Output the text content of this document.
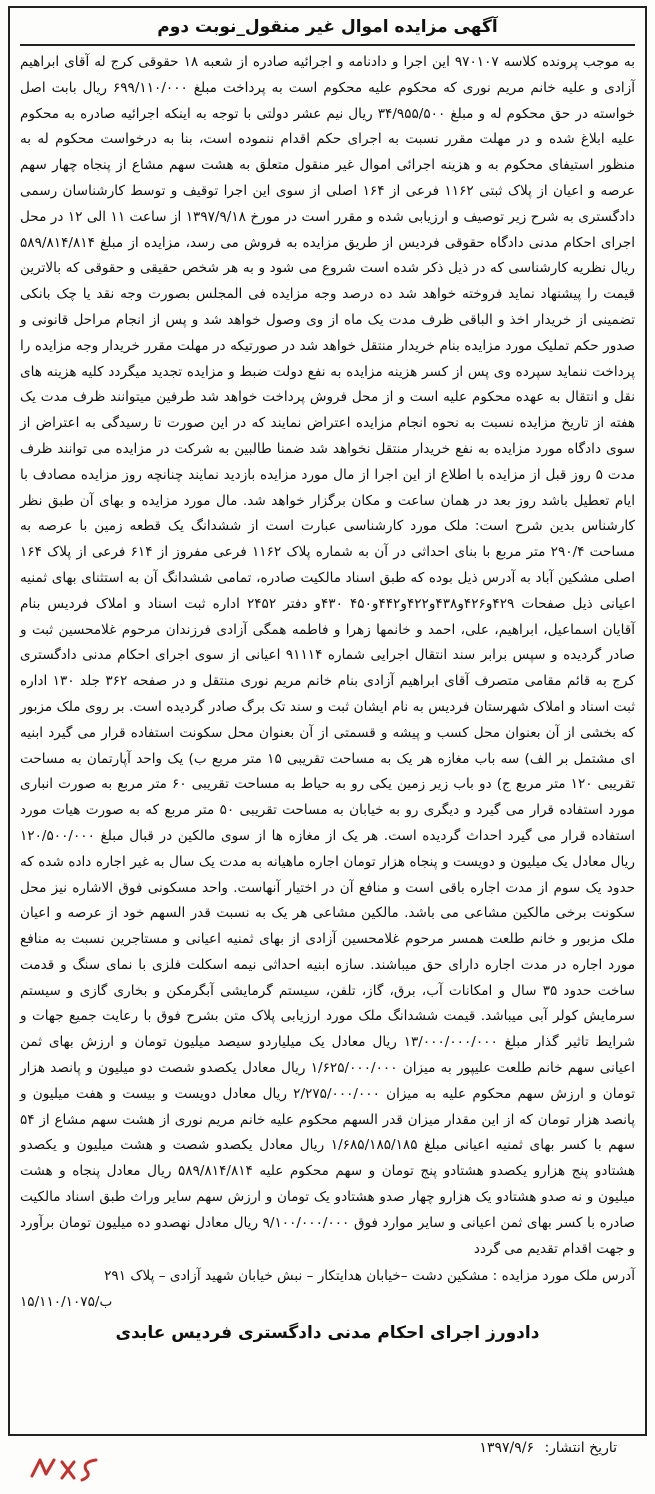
آگهی مزایده اموال غیر منقول_نوبت دوم

به موجب پرونده کلاسه ۹۷۰۱۰۷ این اجرا و دادنامه و اجرائیه صادره از شعبه ۱۸ حقوقی کرج له آقای ابراهیم آزادی و علیه خانم مریم نوری که محکوم علیه محکوم است به پرداخت مبلغ ۶۹۹/۱۱۰/۰۰۰ ریال بابت اصل خواسته در حق محکوم له و مبلغ ۳۴/۹۵۵/۵۰۰ ریال نیم عشر دولتی با توجه به اینکه اجرائیه صادره به محکوم علیه ابلاغ شده و در مهلت مقرر نسبت به اجرای حکم اقدام ننموده است، بنا به درخواست محکوم له به منظور استیفای محکوم به و هزینه اجرائی اموال غیر منقول متعلق به هشت سهم مشاع از پنجاه چهار سهم عرصه و اعیان از پلاک ثبتی ۱۱۶۲ فرعی از ۱۶۴ اصلی از سوی این اجرا توقیف و توسط کارشناسان رسمی دادگستری به شرح زیر توصیف و ارزیابی شده و مقرر است در مورخ ۱۳۹۷/۹/۱۸ از ساعت ۱۱ الی ۱۲ در محل اجرای احکام مدنی دادگاه حقوقی فردیس از طریق مزایده به فروش می رسد، مزایده از مبلغ ۵۸۹/۸۱۴/۸۱۴ ریال نظریه کارشناسی که در ذیل ذکر شده است شروع می شود و به هر شخص حقیقی و حقوقی که بالاترین قیمت را پیشنهاد نماید فروخته خواهد شد ده درصد وجه مزایده فی المجلس بصورت وجه نقد یا چک بانکی تضمینی از خریدار اخذ و الباقی ظرف مدت یک ماه از وی وصول خواهد شد و پس از انجام مراحل قانونی و صدور حکم تملیک مورد مزایده بنام خریدار منتقل خواهد شد در صورتیکه در مهلت مقرر خریدار وجه مزایده را پرداخت ننماید سپرده وی پس از کسر هزینه مزایده به نفع دولت ضبط و مزایده تجدید میگردد کلیه هزینه های نقل و انتقال به عهده محکوم علیه است و از محل فروش پرداخت خواهد شد طرفین میتوانند ظرف مدت یک هفته از تاریخ مزایده نسبت به نحوه انجام مزایده اعتراض نمایند که در این صورت تا رسیدگی به اعتراض از سوی دادگاه مورد مزایده به نفع خریدار منتقل نخواهد شد ضمنا طالبین به شرکت در مزایده می توانند ظرف مدت ۵ روز قبل از مزایده با اطلاع از این اجرا از مال مورد مزایده بازدید نمایند چنانچه روز مزایده مصادف با ایام تعطیل باشد روز بعد در همان ساعت و مکان برگزار خواهد شد. مال مورد مزایده و بهای آن طبق نظر کارشناس بدین شرح است: ملک مورد کارشناسی عبارت است از ششدانگ یک قطعه زمین با عرصه به مساحت ۲۹۰/۴ متر مربع با بنای احداثی در آن به شماره پلاک ۱۱۶۲ فرعی مفروز از ۶۱۴ فرعی از پلاک ۱۶۴ اصلی مشکین آباد به آدرس ذیل بوده که طبق اسناد مالکیت صادره، تمامی ششدانگ آن به استثنای بهای ثمنیه اعیانی ذیل صفحات ۴۲۹و۴۲۶و۴۳۸و۴۲۲و۴۴۲و۴۵۰ ۴۳۰و دفتر ۲۴۵۲ اداره ثبت اسناد و املاک فردیس بنام آقایان اسماعیل، ابراهیم، علی، احمد و خانمها زهرا و فاطمه همگی آزادی فرزندان مرحوم غلامحسین ثبت و صادر گردیده و سپس برابر سند انتقال اجرایی شماره ۹۱۱۱۴ اعیانی از سوی اجرای احکام مدنی دادگستری کرج به قائم مقامی متصرف آقای ابراهیم آزادی بنام خانم مریم نوری منتقل و در صفحه ۳۶۲ جلد ۱۳۰ اداره ثبت اسناد و املاک شهرستان فردیس به نام ایشان ثبت و سند تک برگ صادر گردیده است. بر روی ملک مزبور که بخشی از آن بعنوان محل کسب و پیشه و قسمتی از آن بعنوان محل سکونت استفاده قرار می گیرد ابنیه ای مشتمل بر الف) سه باب مغازه هر یک به مساحت تقریبی ۱۵ متر مربع ب) یک واحد آپارتمان به مساحت تقریبی ۱۲۰ متر مربع ج) دو باب زیر زمین یکی رو به حیاط به مساحت تقریبی ۶۰ متر مربع به صورت انباری مورد استفاده قرار می گیرد و دیگری رو به خیابان به مساحت تقریبی ۵۰ متر مربع که به صورت هیات مورد استفاده قرار می گیرد احداث گردیده است. هر یک از مغازه ها از سوی مالکین در قبال مبلغ ۱۲۰/۵۰۰/۰۰۰ ریال معادل یک میلیون و دویست و پنجاه هزار تومان اجاره ماهیانه به مدت یک سال به غیر اجاره داده شده که حدود یک سوم از مدت اجاره باقی است و منافع آن در اختیار آنهاست. واحد مسکونی فوق الاشاره نیز محل سکونت برخی مالکین مشاعی می باشد. مالکین مشاعی هر یک به نسبت قدر السهم خود از عرصه و اعیان ملک مزبور و خانم طلعت همسر مرحوم غلامحسین آزادی از بهای ثمنیه اعیانی و مستاجرین نسبت به منافع مورد اجاره در مدت اجاره دارای حق میباشند. سازه ابنیه احداثی نیمه اسکلت فلزی با نمای سنگ و قدمت ساخت حدود ۳۵ سال و امکانات آب، برق، گاز، تلفن، سیستم گرمایشی آبگرمکن و بخاری گازی و سیستم سرمایش کولر آبی میباشد. قیمت ششدانگ ملک مورد ارزیابی پلاک متن بشرح فوق با رعایت جمیع جهات و شرایط تاثیر گذار مبلغ ۱۳/۰۰۰/۰۰۰/۰۰۰ ریال معادل یک میلیاردو سیصد میلیون تومان و ارزش بهای ثمن اعیانی سهم خانم طلعت علیپور به میزان ۱/۶۲۵/۰۰۰/۰۰۰ ریال معادل یکصدو شصت دو میلیون و پانصد هزار تومان و ارزش سهم محکوم علیه به میزان ۲/۲۷۵/۰۰۰/۰۰۰ ریال معادل دویست و بیست و هفت میلیون و پانصد هزار تومان که از این مقدار میزان قدر السهم محکوم علیه خانم مریم نوری از هشت سهم مشاع از ۵۴ سهم با کسر بهای ثمنیه اعیانی مبلغ ۱/۶۸۵/۱۸۵/۱۸۵ ریال معادل یکصدو شصت و هشت میلیون و یکصدو هشتادو پنج هزارو یکصدو هشتادو پنج تومان و سهم محکوم علیه ۵۸۹/۸۱۴/۸۱۴ ریال معادل پنجاه و هشت میلیون و نه صدو هشتادو یک هزارو چهار صدو هشتادو یک تومان و ارزش سهم سایر وراث طبق اسناد مالکیت صادره با کسر بهای ثمن اعیانی و سایر موارد فوق ۹/۱۰۰/۰۰۰/۰۰۰ ریال معادل نهصدو ده میلیون تومان برآورد و جهت اقدام تقدیم می گردد

آدرس ملک مورد مزایده : مشکین دشت –خیابان هدایتکار – نبش خیابان شهید آزادی – پلاک ۲۹۱

۱۵/۱۱۰/ب/۱۰۷۵

دادورز اجرای احکام مدنی دادگستری فردیس عابدی
تاریخ انتشار: ۱۳۹۷/۹/۶
